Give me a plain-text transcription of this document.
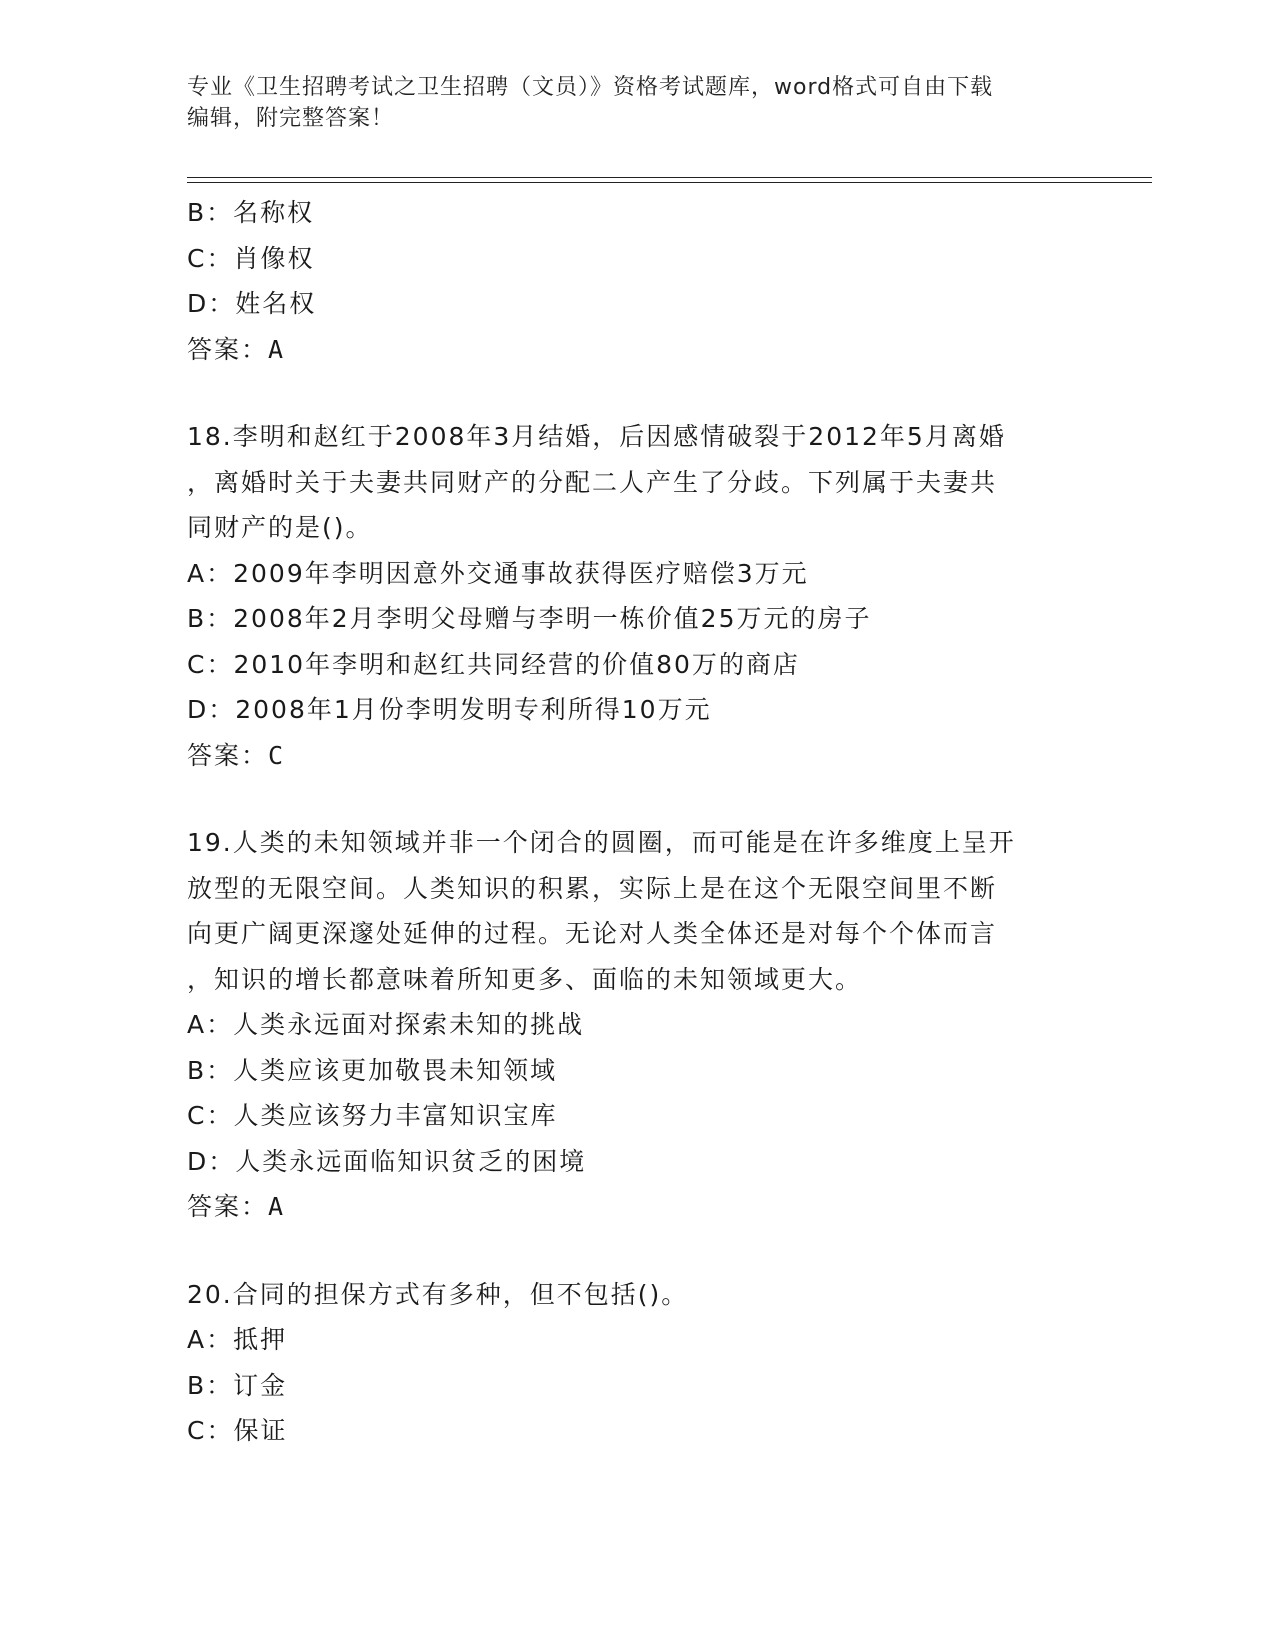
专业《卫生招聘考试之卫生招聘（文员）》资格考试题库，word格式可自由下载
编辑，附完整答案！
B：名称权
C：肖像权
D：姓名权
答案：A
18.李明和赵红于2008年3月结婚，后因感情破裂于2012年5月离婚
，离婚时关于夫妻共同财产的分配二人产生了分歧。下列属于夫妻共
同财产的是()。
A：2009年李明因意外交通事故获得医疗赔偿3万元
B：2008年2月李明父母赠与李明一栋价值25万元的房子
C：2010年李明和赵红共同经营的价值80万的商店
D：2008年1月份李明发明专利所得10万元
答案：C
19.人类的未知领域并非一个闭合的圆圈，而可能是在许多维度上呈开
放型的无限空间。人类知识的积累，实际上是在这个无限空间里不断
向更广阔更深邃处延伸的过程。无论对人类全体还是对每个个体而言
，知识的增长都意味着所知更多、面临的未知领域更大。
A：人类永远面对探索未知的挑战
B：人类应该更加敬畏未知领域
C：人类应该努力丰富知识宝库
D：人类永远面临知识贫乏的困境
答案：A
20.合同的担保方式有多种，但不包括()。
A：抵押
B：订金
C：保证
